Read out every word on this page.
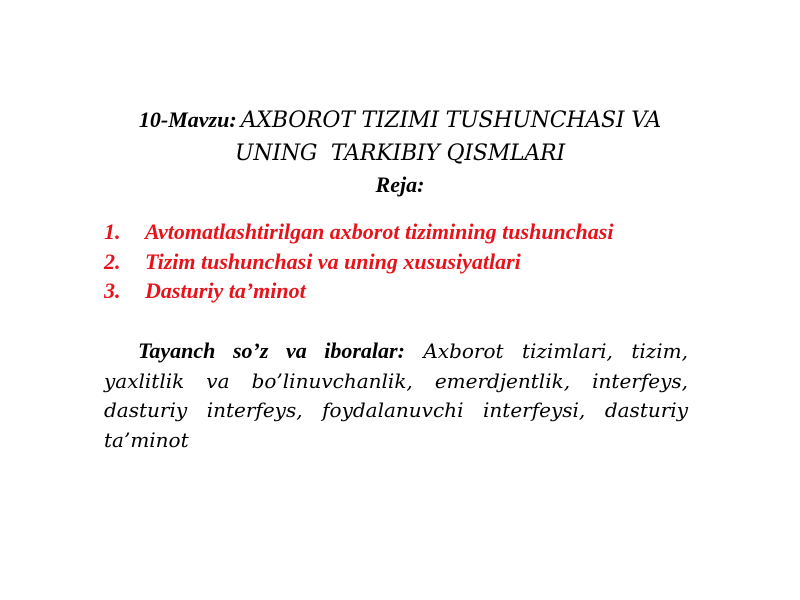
10-Mavzu: AXBOROT TIZIMI TUSHUNCHASI VA
UNING  TARKIBIY QISMLARI
Reja:
1.	Avtomatlashtirilgan axborot tizimining tushunchasi
2.	Tizim tushunchasi va uning xususiyatlari
3.	Dasturiy ta’minot

Tayanch so’z va iboralar: Axborot tizimlari, tizim, yaxlitlik va bo’linuvchanlik, emerdjentlik, interfeys, dasturiy interfeys, foydalanuvchi interfeysi, dasturiy ta’minot
